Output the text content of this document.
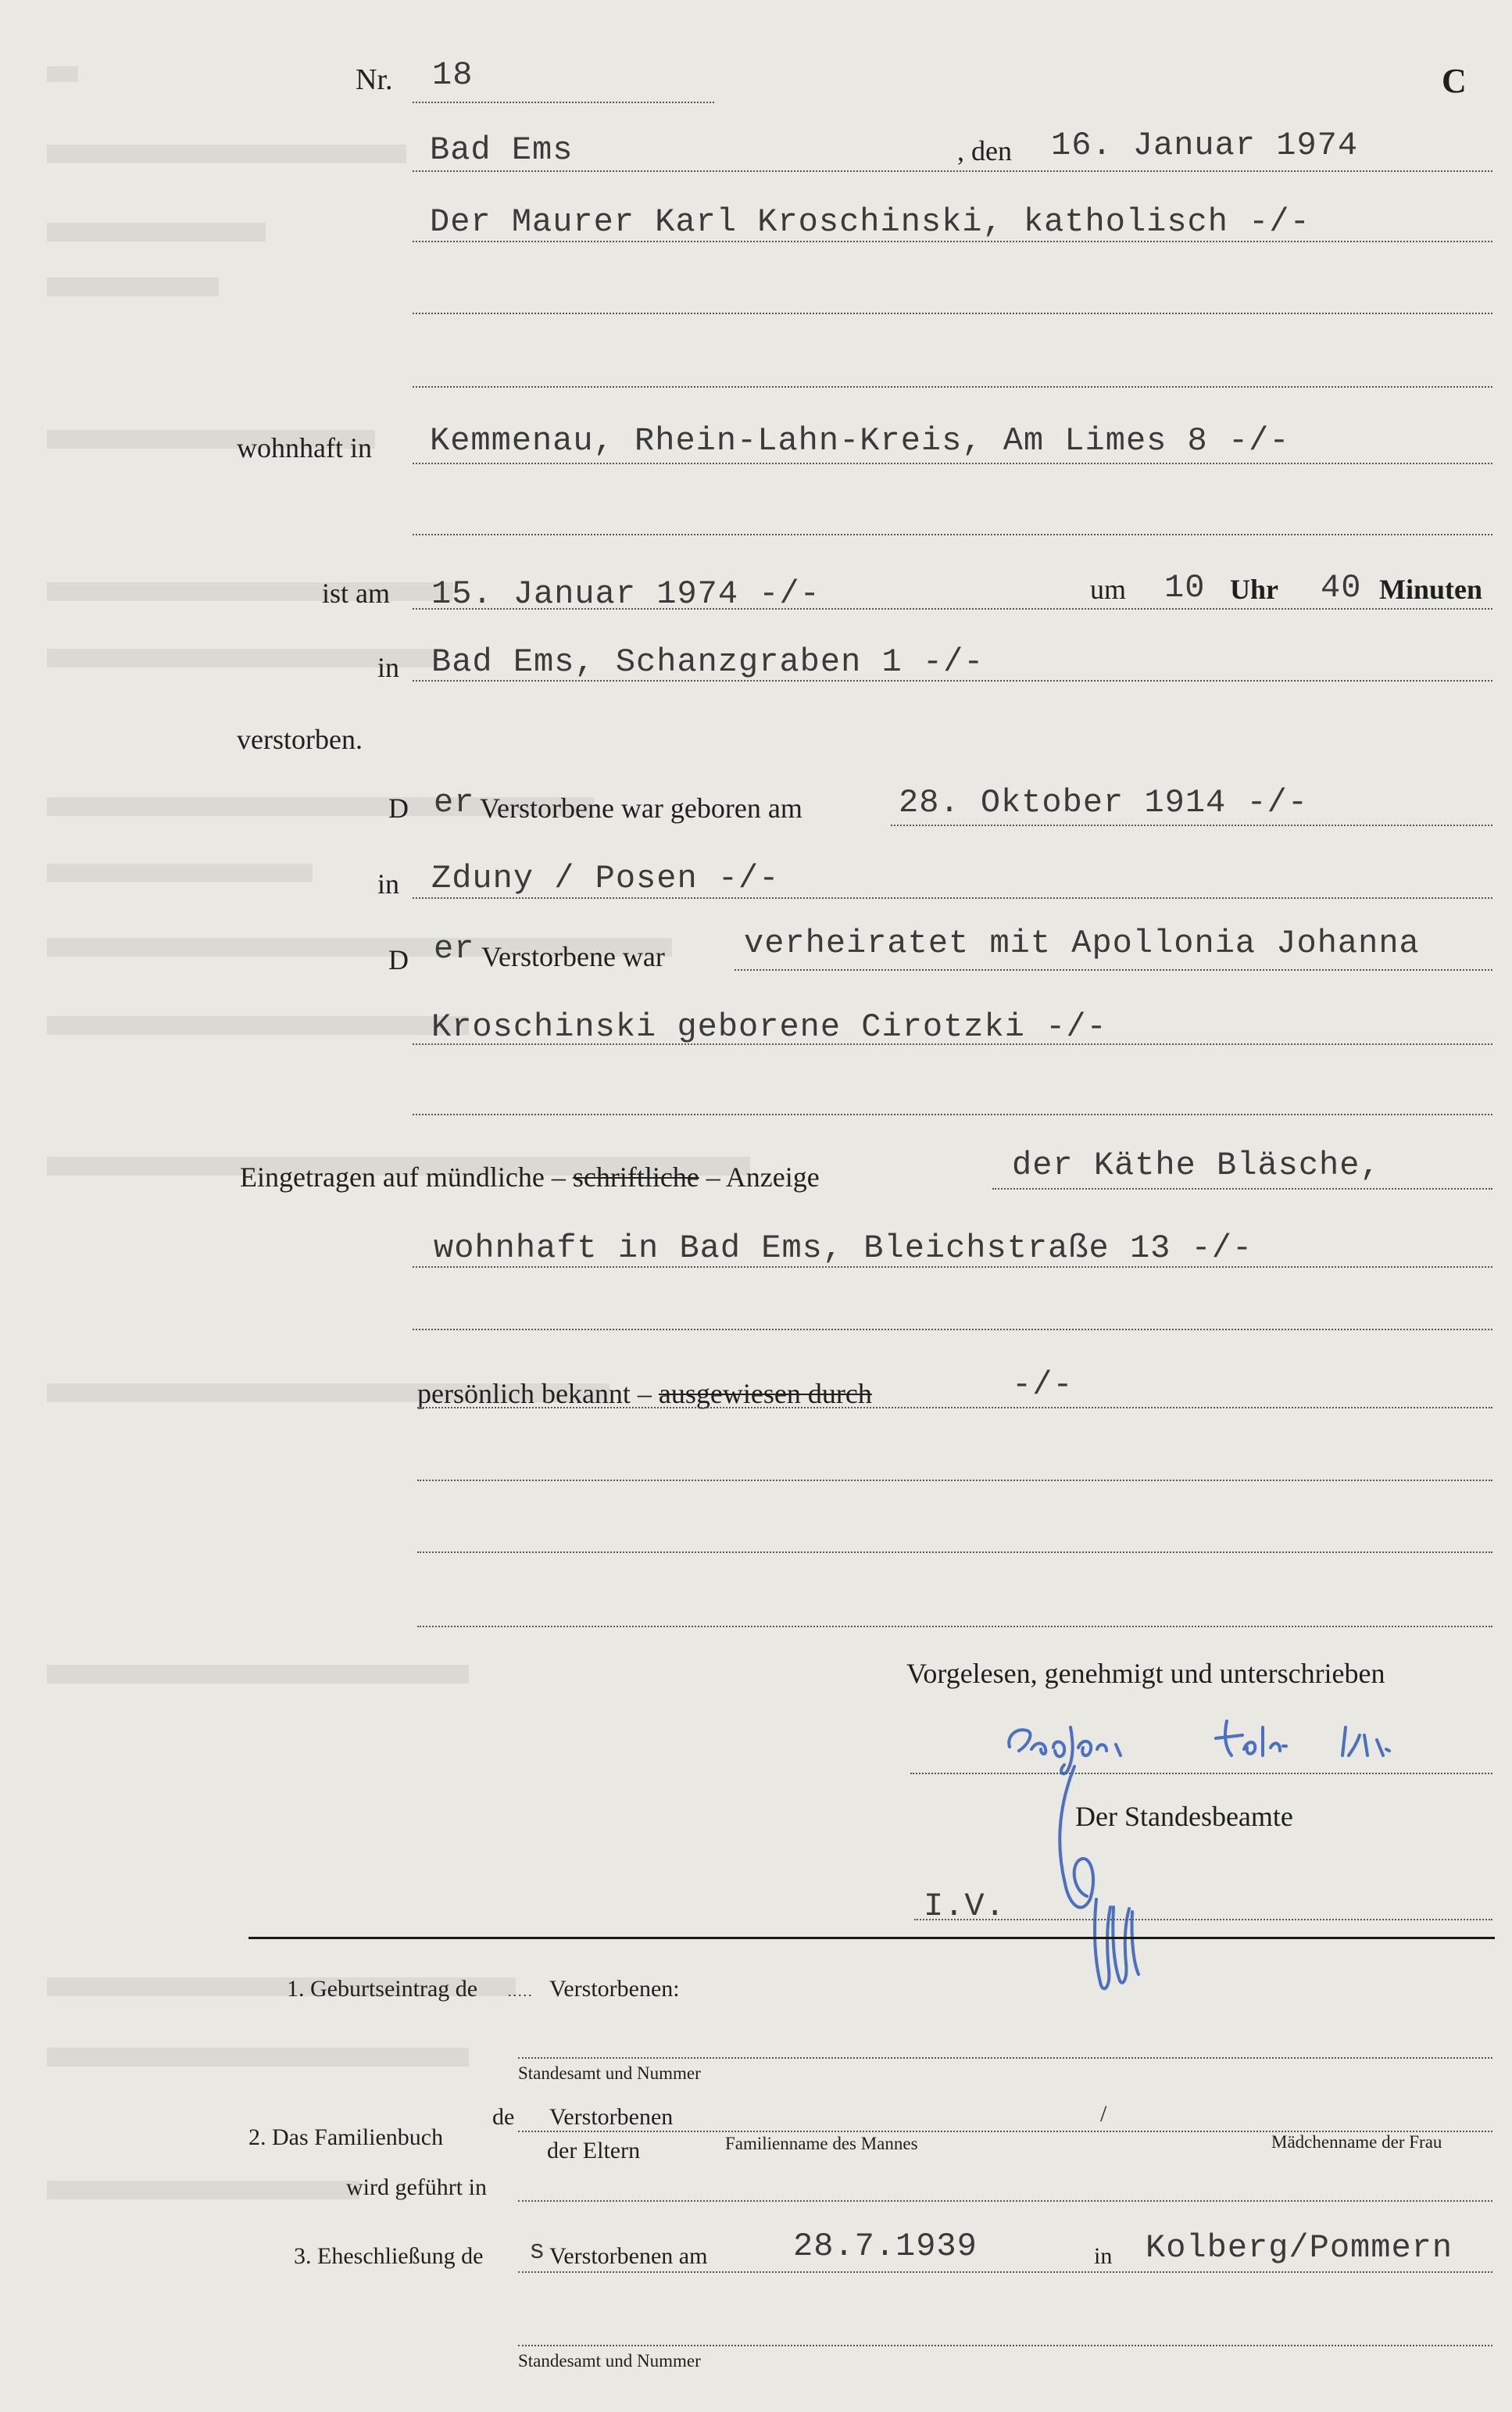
Nr. 18	C
Bad Ems	, den 16. Januar 1974
Der Maurer Karl Kroschinski, katholisch -/-
wohnhaft in Kemmenau, Rhein-Lahn-Kreis, Am Limes 8 -/-
ist am 15. Januar 1974 -/-	um 10 Uhr 40 Minuten
in Bad Ems, Schanzgraben 1 -/-
verstorben.
D er Verstorbene war geboren am	28. Oktober 1914 -/-
in Zduny / Posen -/-
D er Verstorbene war verheiratet mit Apollonia Johanna
Kroschinski geborene Cirotzki -/-
Eingetragen auf mündliche – schriftliche – Anzeige	der Käthe Bläsche,
wohnhaft in Bad Ems, Bleichstraße 13 -/-
persönlich bekannt – ausgewiesen durch	-/-
Vorgelesen, genehmigt und unterschrieben
Der Standesbeamte
I.V.
1. Geburtseintrag de ..... Verstorbenen:
Standesamt und Nummer
2. Das Familienbuch
de Verstorbenen
der Eltern
/
Familienname des Mannes	Mädchenname der Frau
wird geführt in
3. Eheschließung de s Verstorbenen am	28.7.1939	in Kolberg/Pommern
Standesamt und Nummer
